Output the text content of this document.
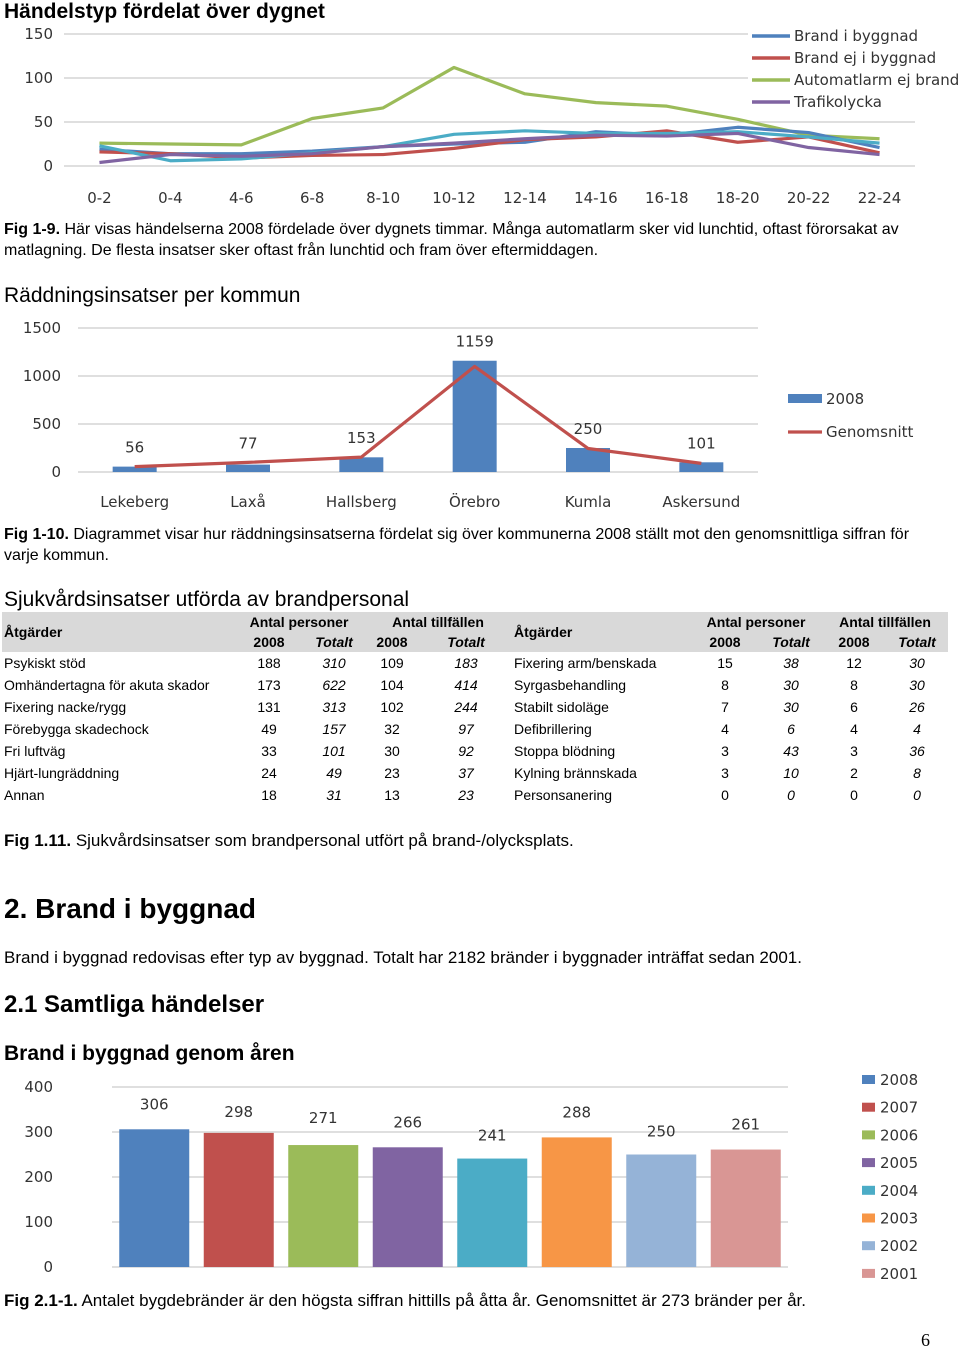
Händelstyp fördelat över dygnet
0
50
100
150
0-2	0-4	4-6	6-8	8-10 10-12 12-14 14-16 16-18 18-20 20-22 22-24
Brand i byggnad
Brand ej i byggnad
Automatlarm ej brand
Trafikolycka
Fig 1-9. Här visas händelserna 2008 fördelade över dygnets timmar. Många automatlarm sker vid lunchtid, oftast förorsakat av matlagning. De flesta insatser sker oftast från lunchtid och fram över eftermiddagen.
Räddningsinsatser per kommun
0
500
1000
1500
56	77	153
1159
250
101
Lekeberg	Laxå	Hallsberg	Örebro	Kumla	Askersund
2008
Genomsnitt
Fig 1-10. Diagrammet visar hur räddningsinsatserna fördelat sig över kommunerna 2008 ställt mot den genomsnittliga siffran för varje kommun.
Sjukvårdsinsatser utförda av brandpersonal
Åtgärder	Antal personer		Antal tillfällen		Åtgärder	Antal personer		Antal tillfällen	
	2008	Totalt	2008	Totalt		2008	Totalt	2008	Totalt
Psykiskt stöd	188	310	109	183	Fixering arm/benskada	15	38	12	30
Omhändertagna för akuta skador	173	622	104	414	Syrgasbehandling	8	30	8	30
Fixering nacke/rygg	131	313	102	244	Stabilt sidoläge	7	30	6	26
Förebygga skadechock	49	157	32	97	Defibrillering	4	6	4	4
Fri luftväg	33	101	30	92	Stoppa blödning	3	43	3	36
Hjärt-lungräddning	24	49	23	37	Kylning brännskada	3	10	2	8
Annan	18	31	13	23	Personsanering	0	0	0	0
Fig 1.11. Sjukvårdsinsatser som brandpersonal utfört på brand-/olycksplats.
2. Brand i byggnad
Brand i byggnad redovisas efter typ av byggnad. Totalt har 2182 bränder i byggnader inträffat sedan 2001.
2.1 Samtliga händelser
Brand i byggnad genom åren
0
100
200
300
400
306	298	271	266
241
288
250	261
2008
2007
2006
2005
2004
2003
2002
2001
Fig 2.1-1. Antalet bygdebränder är den högsta siffran hittills på åtta år. Genomsnittet är 273 bränder per år.
6
